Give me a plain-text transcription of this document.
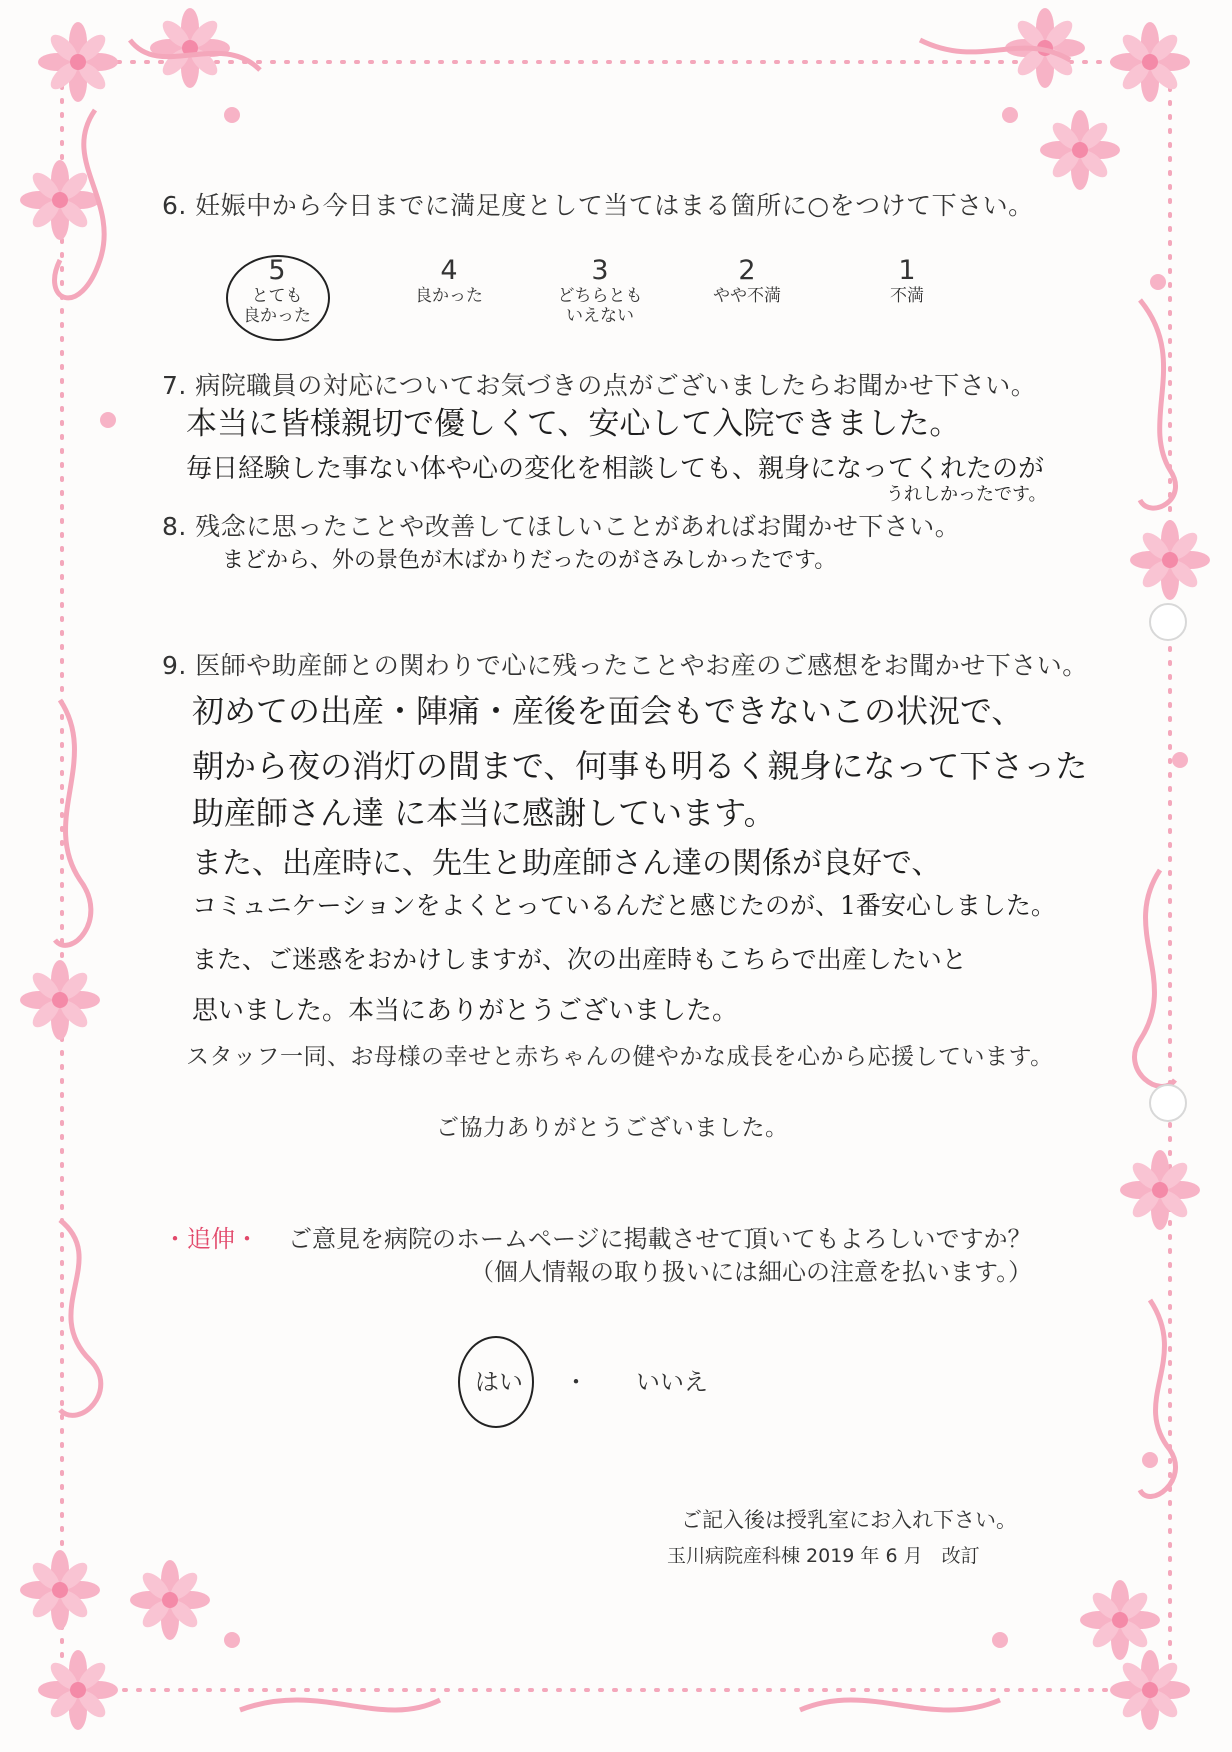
6. 妊娠中から今日までに満足度として当てはまる箇所に○をつけて下さい。
5
とても
良かった
4
良かった
3
どちらとも
いえない
2
やや不満
1
不満
7. 病院職員の対応についてお気づきの点がございましたらお聞かせ下さい。
本当に皆様親切で優しくて、安心して入院できました。
毎日経験した事ない体や心の変化を相談しても、親身になってくれたのが
うれしかったです。
8. 残念に思ったことや改善してほしいことがあればお聞かせ下さい。
まどから、外の景色が木ばかりだったのがさみしかったです。
9. 医師や助産師との関わりで心に残ったことやお産のご感想をお聞かせ下さい。
初めての出産・陣痛・産後を面会もできないこの状況で、
朝から夜の消灯の間まで、何事も明るく親身になって下さった
助産師さん達 に本当に感謝しています。
また、出産時に、先生と助産師さん達の関係が良好で、
コミュニケーションをよくとっているんだと感じたのが、1番安心しました。
また、ご迷惑をおかけしますが、次の出産時もこちらで出産したいと
思いました。本当にありがとうございました。
スタッフ一同、お母様の幸せと赤ちゃんの健やかな成長を心から応援しています。
ご協力ありがとうございました。
・追伸・ ご意見を病院のホームページに掲載させて頂いてもよろしいですか？
（個人情報の取り扱いには細心の注意を払います。）
はい ・ いいえ
ご記入後は授乳室にお入れ下さい。
玉川病院産科棟 2019 年 6 月　改訂
